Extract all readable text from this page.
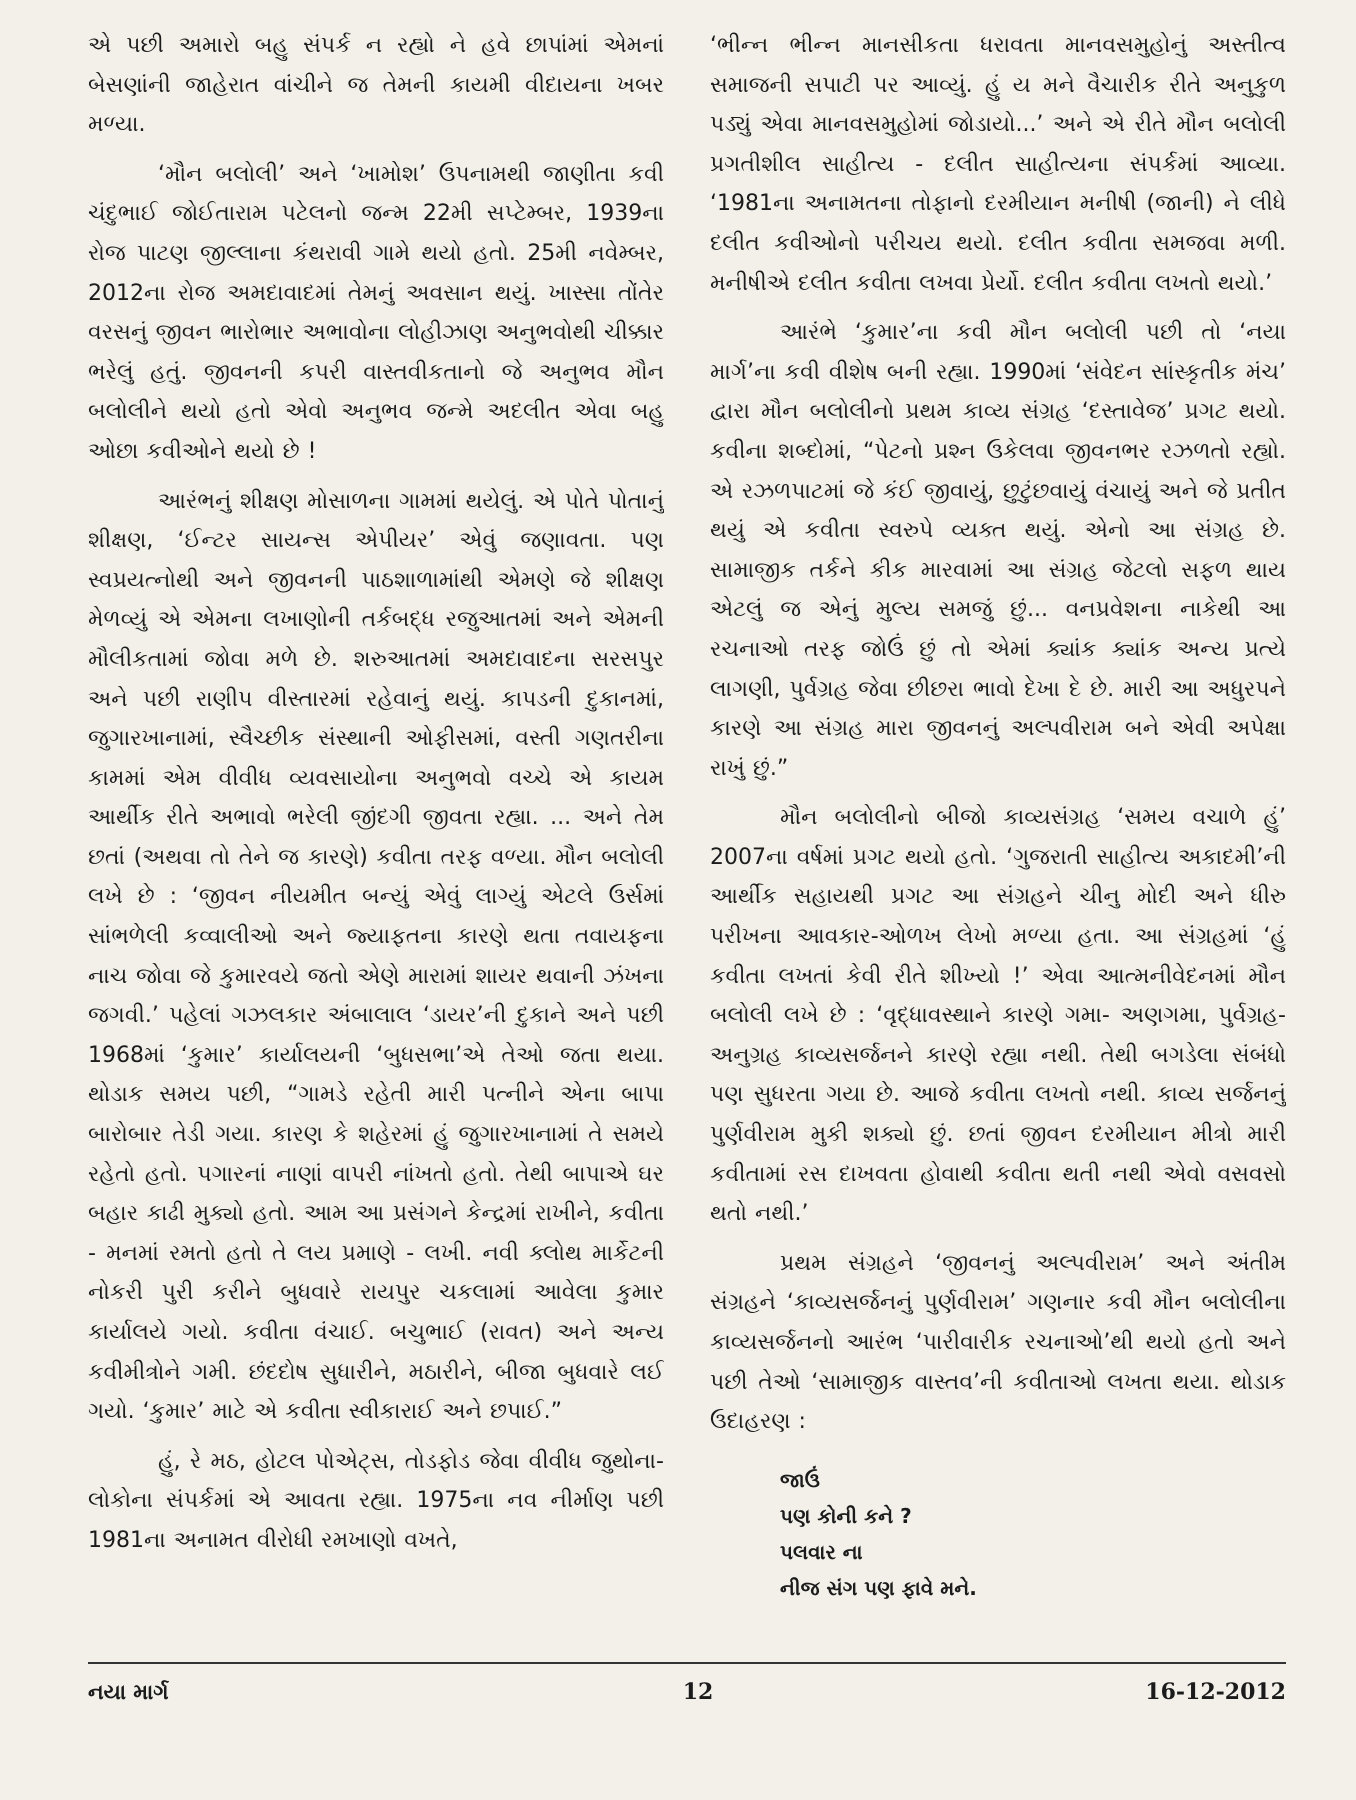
એ પછી અમારો બહુ સંપર્ક ન રહ્યો ને હવે છાપાંમાં એમનાં બેસણાંની જાહેરાત વાંચીને જ તેમની કાયમી વીદાયના ખબર મળ્યા.

‘મૌન બલોલી’ અને ‘ખામોશ’ ઉપનામથી જાણીતા કવી ચંદુભાઈ જોઈતારામ પટેલનો જન્મ 22મી સપ્ટેમ્બર, 1939ના રોજ પાટણ જીલ્લાના કંથરાવી ગામે થયો હતો. 25મી નવેમ્બર, 2012ના રોજ અમદાવાદમાં તેમનું અવસાન થયું. ખાસ્સા તોંતેર વરસનું જીવન ભારોભાર અભાવોના લોહીઝાણ અનુભવોથી ચીક્કાર ભરેલું હતું. જીવનની કપરી વાસ્તવીકતાનો જે અનુભવ મૌન બલોલીને થયો હતો એવો અનુભવ જન્મે અદલીત એવા બહુ ઓછા કવીઓને થયો છે !

આરંભનું શીક્ષણ મોસાળના ગામમાં થયેલું. એ પોતે પોતાનું શીક્ષણ, ‘ઈન્ટર સાયન્સ એપીયર’ એવું જણાવતા. પણ સ્વપ્રયત્નોથી અને જીવનની પાઠશાળામાંથી એમણે જે શીક્ષણ મેળવ્યું એ એમના લખાણોની તર્કબદ્ધ રજુઆતમાં અને એમની મૌલીકતામાં જોવા મળે છે. શરુઆતમાં અમદાવાદના સરસપુર અને પછી રાણીપ વીસ્તારમાં રહેવાનું થયું. કાપડની દુકાનમાં, જુગારખાનામાં, સ્વૈચ્છીક સંસ્થાની ઓફીસમાં, વસ્તી ગણતરીના કામમાં એમ વીવીધ વ્યવસાયોના અનુભવો વચ્ચે એ કાયમ આર્થીક રીતે અભાવો ભરેલી જીંદગી જીવતા રહ્યા. ... અને તેમ છતાં (અથવા તો તેને જ કારણે) કવીતા તરફ વળ્યા. મૌન બલોલી લખે છે : ‘જીવન નીયમીત બન્યું એવું લાગ્યું એટલે ઉર્સમાં સાંભળેલી કવ્વાલીઓ અને જ્યાફતના કારણે થતા તવાયફના નાચ જોવા જે કુમારવયે જતો એણે મારામાં શાયર થવાની ઝંખના જગવી.’ પહેલાં ગઝલકાર અંબાલાલ ‘ડાયર’ની દુકાને અને પછી 1968માં ‘કુમાર’ કાર્યાલયની ‘બુધસભા’એ તેઓ જતા થયા. થોડાક સમય પછી, “ગામડે રહેતી મારી પત્નીને એના બાપા બારોબાર તેડી ગયા. કારણ કે શહેરમાં હું જુગારખાનામાં તે સમયે રહેતો હતો. પગારનાં નાણાં વાપરી નાંખતો હતો. તેથી બાપાએ ઘર બહાર કાઢી મુક્યો હતો. આમ આ પ્રસંગને કેન્દ્રમાં રાખીને, કવીતા - મનમાં રમતો હતો તે લય પ્રમાણે - લખી. નવી ક્લોથ માર્કેટની નોકરી પુરી કરીને બુધવારે રાયપુર ચકલામાં આવેલા કુમાર કાર્યાલયે ગયો. કવીતા વંચાઈ. બચુભાઈ (રાવત) અને અન્ય કવીમીત્રોને ગમી. છંદદોષ સુધારીને, મઠારીને, બીજા બુધવારે લઈ ગયો. ‘કુમાર’ માટે એ કવીતા સ્વીકારાઈ અને છપાઈ.”

હું, રે મઠ, હોટલ પોએટ્સ, તોડફોડ જેવા વીવીધ જુથોના-લોકોના સંપર્કમાં એ આવતા રહ્યા. 1975ના નવ નીર્માણ પછી 1981ના અનામત વીરોધી રમખાણો વખતે,

‘ભીન્ન ભીન્ન માનસીકતા ધરાવતા માનવસમુહોનું અસ્તીત્વ સમાજની સપાટી પર આવ્યું. હું ય મને વૈચારીક રીતે અનુકુળ પડ્યું એવા માનવસમુહોમાં જોડાયો...’ અને એ રીતે મૌન બલોલી પ્રગતીશીલ સાહીત્ય - દલીત સાહીત્યના સંપર્કમાં આવ્યા. ‘1981ના અનામતના તોફાનો દરમીયાન મનીષી (જાની) ને લીધે દલીત કવીઓનો પરીચય થયો. દલીત કવીતા સમજવા મળી. મનીષીએ દલીત કવીતા લખવા પ્રેર્યો. દલીત કવીતા લખતો થયો.’

આરંભે ‘કુમાર’ના કવી મૌન બલોલી પછી તો ‘નયા માર્ગ’ના કવી વીશેષ બની રહ્યા. 1990માં ‘સંવેદન સાંસ્કૃતીક મંચ’ દ્વારા મૌન બલોલીનો પ્રથમ કાવ્ય સંગ્રહ ‘દસ્તાવેજ’ પ્રગટ થયો. કવીના શબ્દોમાં, “પેટનો પ્રશ્ન ઉકેલવા જીવનભર રઝળતો રહ્યો. એ રઝળપાટમાં જે કંઈ જીવાયું, છુટુંછવાયું વંચાયું અને જે પ્રતીત થયું એ કવીતા સ્વરુપે વ્યક્ત થયું. એનો આ સંગ્રહ છે. સામાજીક તર્કને કીક મારવામાં આ સંગ્રહ જેટલો સફળ થાય એટલું જ એનું મુલ્ય સમજું છું... વનપ્રવેશના નાકેથી આ રચનાઓ તરફ જોઉં છું તો એમાં ક્યાંક ક્યાંક અન્ય પ્રત્યે લાગણી, પુર્વગ્રહ જેવા છીછરા ભાવો દેખા દે છે. મારી આ અધુરપને કારણે આ સંગ્રહ મારા જીવનનું અલ્પવીરામ બને એવી અપેક્ષા રાખું છું.”

મૌન બલોલીનો બીજો કાવ્યસંગ્રહ ‘સમય વચાળે હું’ 2007ના વર્ષમાં પ્રગટ થયો હતો. ‘ગુજરાતી સાહીત્ય અકાદમી’ની આર્થીક સહાયથી પ્રગટ આ સંગ્રહને ચીનુ મોદી અને ધીરુ પરીખના આવકાર-ઓળખ લેખો મળ્યા હતા. આ સંગ્રહમાં ‘હું કવીતા લખતાં કેવી રીતે શીખ્યો !’ એવા આત્મનીવેદનમાં મૌન બલોલી લખે છે : ‘વૃદ્ધાવસ્થાને કારણે ગમા- અણગમા, પુર્વગ્રહ-અનુગ્રહ કાવ્યસર્જનને કારણે રહ્યા નથી. તેથી બગડેલા સંબંધો પણ સુધરતા ગયા છે. આજે કવીતા લખતો નથી. કાવ્ય સર્જનનું પુર્ણવીરામ મુકી શક્યો છું. છતાં જીવન દરમીયાન મીત્રો મારી કવીતામાં રસ દાખવતા હોવાથી કવીતા થતી નથી એવો વસવસો થતો નથી.’

પ્રથમ સંગ્રહને ‘જીવનનું અલ્પવીરામ’ અને અંતીમ સંગ્રહને ‘કાવ્યસર્જનનું પુર્ણવીરામ’ ગણનાર કવી મૌન બલોલીના કાવ્યસર્જનનો આરંભ ‘પારીવારીક રચનાઓ’થી થયો હતો અને પછી તેઓ ‘સામાજીક વાસ્તવ’ની કવીતાઓ લખતા થયા. થોડાક ઉદાહરણ :

જાઉં
પણ કોની કને ?
પલવાર ના
નીજ સંગ પણ ફાવે મને.
નયા માર્ગ	12	16-12-2012
